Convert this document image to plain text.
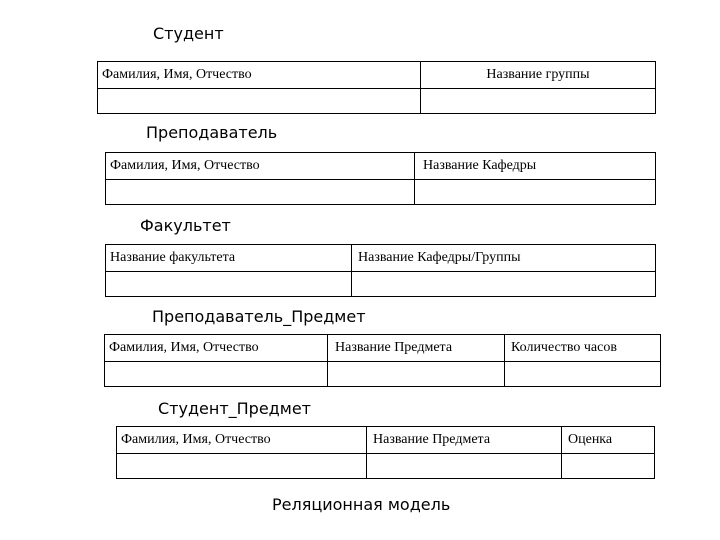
Студент
Фамилия, Имя, Отчество	Название группы

Преподаватель
Фамилия, Имя, Отчество	Название Кафедры

Факультет
Название факультета	Название Кафедры/Группы

Преподаватель_Предмет
Фамилия, Имя, Отчество	Название Предмета	Количество часов

Студент_Предмет
Фамилия, Имя, Отчество	Название Предмета	Оценка

Реляционная модель
